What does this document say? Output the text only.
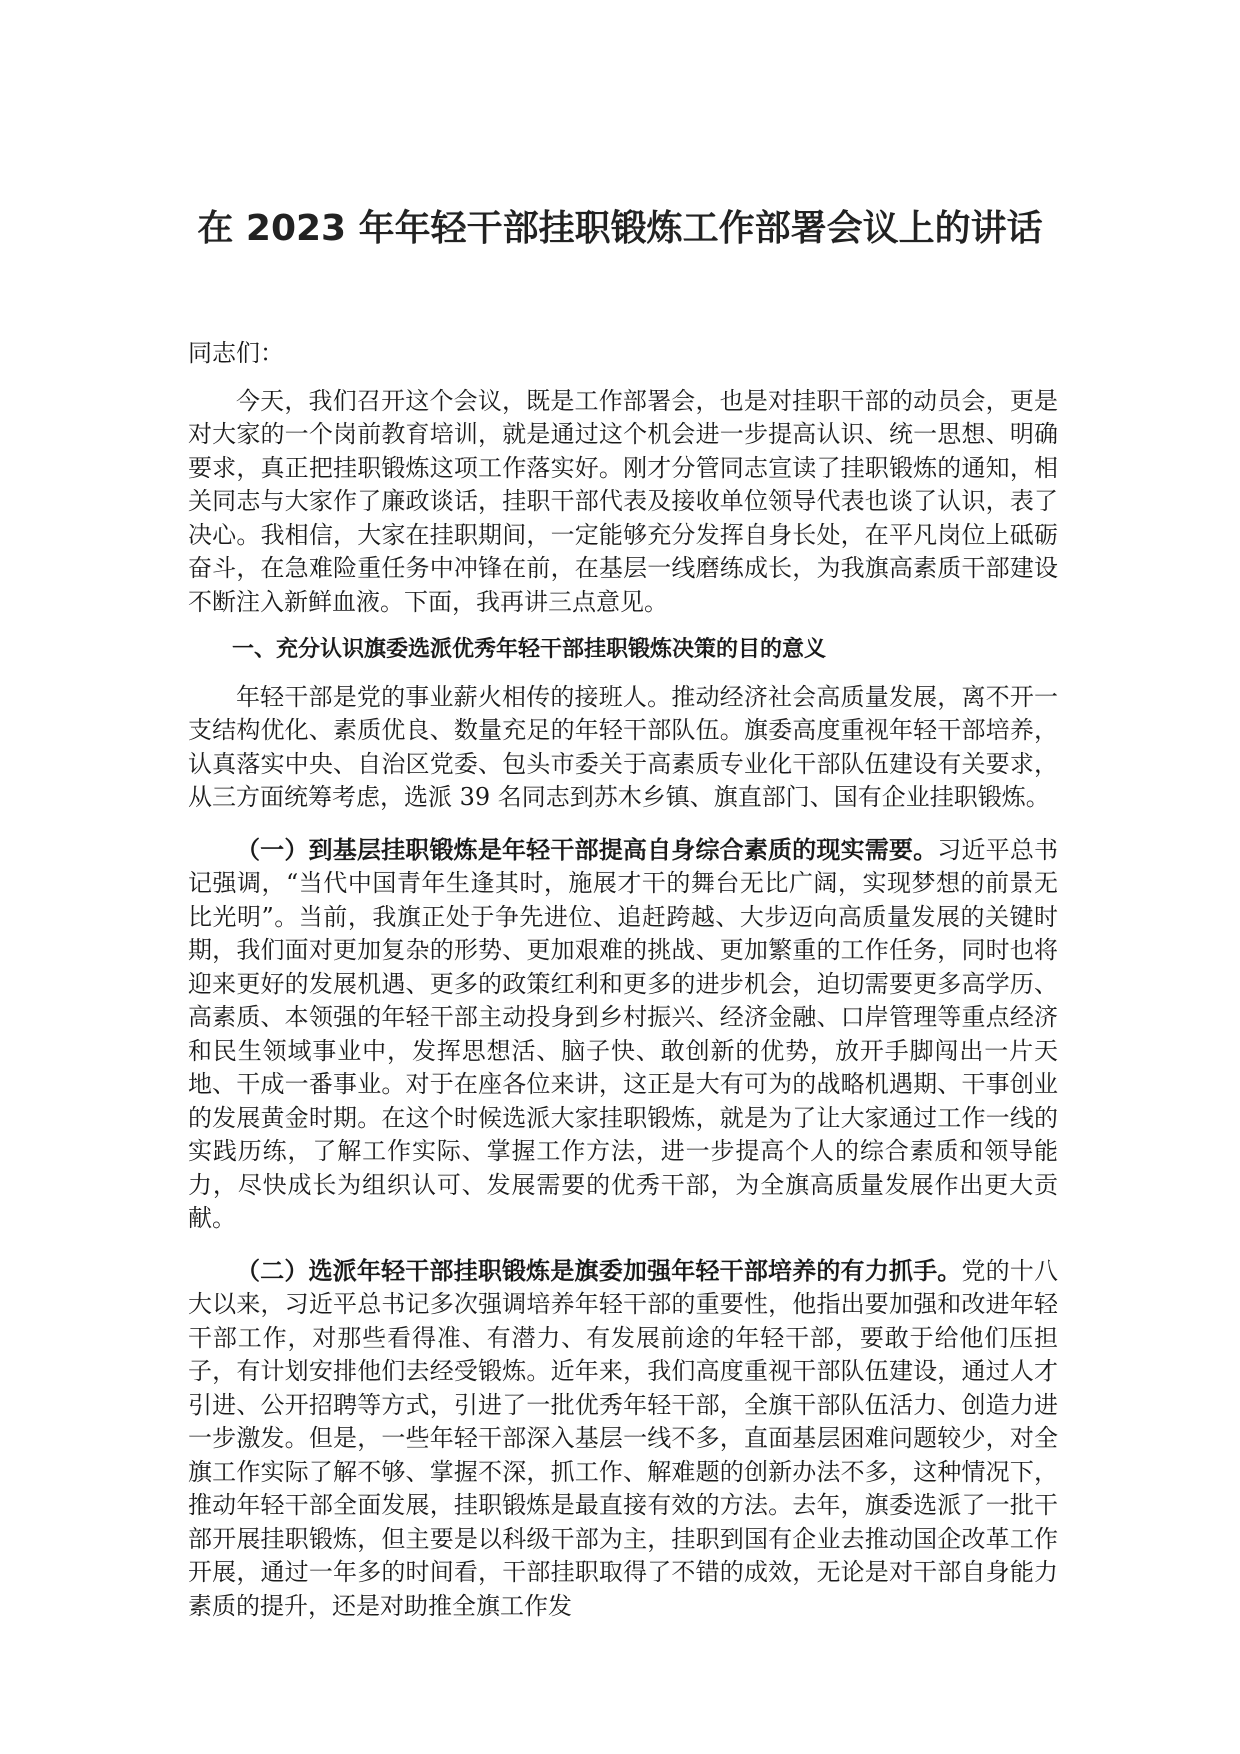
在 2023 年年轻干部挂职锻炼工作部署会议上的讲话

同志们：

今天，我们召开这个会议，既是工作部署会，也是对挂职干部的动员会，更是对大家的一个岗前教育培训，就是通过这个机会进一步提高认识、统一思想、明确要求，真正把挂职锻炼这项工作落实好。刚才分管同志宣读了挂职锻炼的通知，相关同志与大家作了廉政谈话，挂职干部代表及接收单位领导代表也谈了认识，表了决心。我相信，大家在挂职期间，一定能够充分发挥自身长处，在平凡岗位上砥砺奋斗，在急难险重任务中冲锋在前，在基层一线磨练成长，为我旗高素质干部建设不断注入新鲜血液。下面，我再讲三点意见。

一、充分认识旗委选派优秀年轻干部挂职锻炼决策的目的意义

年轻干部是党的事业薪火相传的接班人。推动经济社会高质量发展，离不开一支结构优化、素质优良、数量充足的年轻干部队伍。旗委高度重视年轻干部培养，认真落实中央、自治区党委、包头市委关于高素质专业化干部队伍建设有关要求，从三方面统筹考虑，选派 39 名同志到苏木乡镇、旗直部门、国有企业挂职锻炼。

（一）到基层挂职锻炼是年轻干部提高自身综合素质的现实需要。习近平总书记强调，“当代中国青年生逢其时，施展才干的舞台无比广阔，实现梦想的前景无比光明”。当前，我旗正处于争先进位、追赶跨越、大步迈向高质量发展的关键时期，我们面对更加复杂的形势、更加艰难的挑战、更加繁重的工作任务，同时也将迎来更好的发展机遇、更多的政策红利和更多的进步机会，迫切需要更多高学历、高素质、本领强的年轻干部主动投身到乡村振兴、经济金融、口岸管理等重点经济和民生领域事业中，发挥思想活、脑子快、敢创新的优势，放开手脚闯出一片天地、干成一番事业。对于在座各位来讲，这正是大有可为的战略机遇期、干事创业的发展黄金时期。在这个时候选派大家挂职锻炼，就是为了让大家通过工作一线的实践历练，了解工作实际、掌握工作方法，进一步提高个人的综合素质和领导能力，尽快成长为组织认可、发展需要的优秀干部，为全旗高质量发展作出更大贡献。

（二）选派年轻干部挂职锻炼是旗委加强年轻干部培养的有力抓手。党的十八大以来，习近平总书记多次强调培养年轻干部的重要性，他指出要加强和改进年轻干部工作，对那些看得准、有潜力、有发展前途的年轻干部，要敢于给他们压担子，有计划安排他们去经受锻炼。近年来，我们高度重视干部队伍建设，通过人才引进、公开招聘等方式，引进了一批优秀年轻干部，全旗干部队伍活力、创造力进一步激发。但是，一些年轻干部深入基层一线不多，直面基层困难问题较少，对全旗工作实际了解不够、掌握不深，抓工作、解难题的创新办法不多，这种情况下，推动年轻干部全面发展，挂职锻炼是最直接有效的方法。去年，旗委选派了一批干部开展挂职锻炼，但主要是以科级干部为主，挂职到国有企业去推动国企改革工作开展，通过一年多的时间看，干部挂职取得了不错的成效，无论是对干部自身能力素质的提升，还是对助推全旗工作发
